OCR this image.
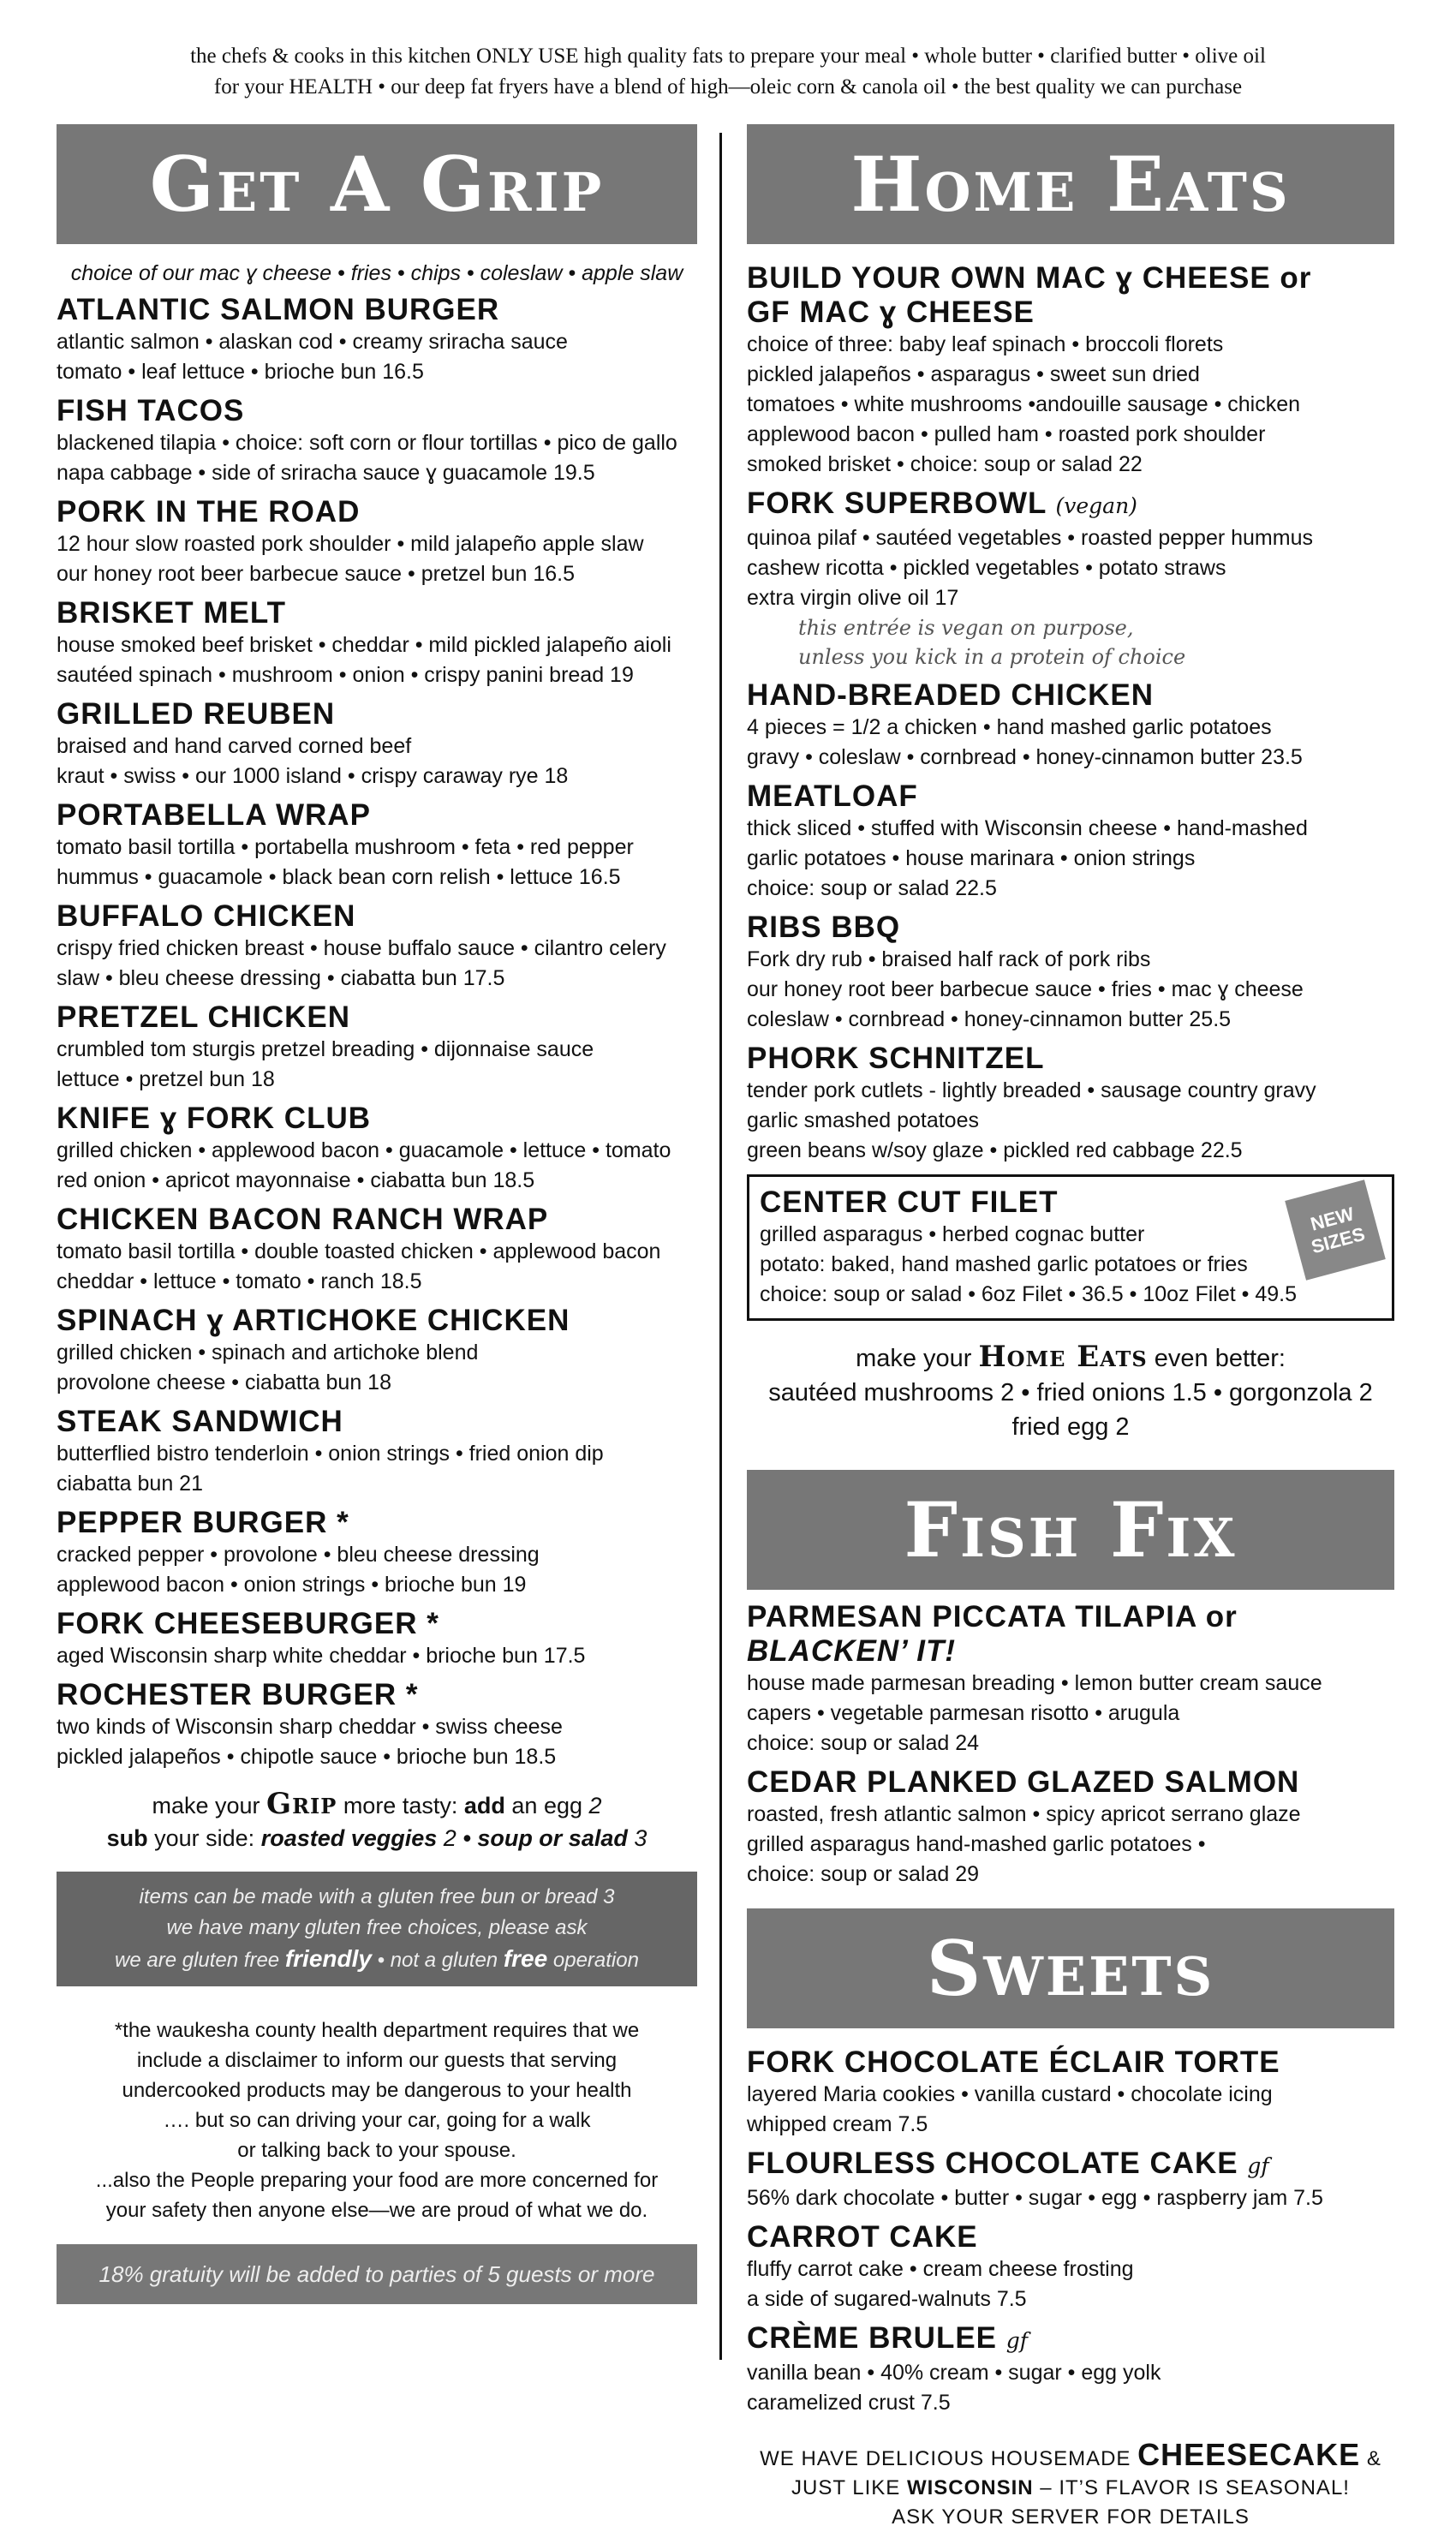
the chefs & cooks in this kitchen ONLY USE high quality fats to prepare your meal • whole butter • clarified butter • olive oil
for your HEALTH • our deep fat fryers have a blend of high—oleic corn & canola oil • the best quality we can purchase
Get A Grip
choice of our mac ɣ cheese • fries • chips • coleslaw • apple slaw
ATLANTIC SALMON BURGER
atlantic salmon • alaskan cod • creamy sriracha sauce
tomato • leaf lettuce • brioche bun 16.5
FISH TACOS
blackened tilapia • choice: soft corn or flour tortillas • pico de gallo
napa cabbage • side of sriracha sauce ɣ guacamole 19.5
PORK IN THE ROAD
12 hour slow roasted pork shoulder • mild jalapeño apple slaw
our honey root beer barbecue sauce • pretzel bun 16.5
BRISKET MELT
house smoked beef brisket • cheddar • mild pickled jalapeño aioli
sautéed spinach • mushroom • onion • crispy panini bread 19
GRILLED REUBEN
braised and hand carved corned beef
kraut • swiss • our 1000 island • crispy caraway rye 18
PORTABELLA WRAP
tomato basil tortilla • portabella mushroom • feta • red pepper
hummus • guacamole • black bean corn relish • lettuce 16.5
BUFFALO CHICKEN
crispy fried chicken breast • house buffalo sauce • cilantro celery
slaw • bleu cheese dressing • ciabatta bun 17.5
PRETZEL CHICKEN
crumbled tom sturgis pretzel breading • dijonnaise sauce
lettuce • pretzel bun 18
KNIFE ɣ FORK CLUB
grilled chicken • applewood bacon • guacamole • lettuce • tomato
red onion • apricot mayonnaise • ciabatta bun 18.5
CHICKEN BACON RANCH WRAP
tomato basil tortilla • double toasted chicken • applewood bacon
cheddar • lettuce • tomato • ranch 18.5
SPINACH ɣ ARTICHOKE CHICKEN
grilled chicken • spinach and artichoke blend
provolone cheese • ciabatta bun 18
STEAK SANDWICH
butterflied bistro tenderloin • onion strings • fried onion dip
ciabatta bun 21
PEPPER BURGER *
cracked pepper • provolone • bleu cheese dressing
applewood bacon • onion strings • brioche bun 19
FORK CHEESEBURGER *
aged Wisconsin sharp white cheddar • brioche bun 17.5
ROCHESTER BURGER *
two kinds of Wisconsin sharp cheddar • swiss cheese
pickled jalapeños • chipotle sauce • brioche bun 18.5
make your Grip more tasty: add an egg 2
sub your side: roasted veggies 2 • soup or salad 3
items can be made with a gluten free bun or bread 3
we have many gluten free choices, please ask
we are gluten free friendly • not a gluten free operation
*the waukesha county health department requires that we
include a disclaimer to inform our guests that serving
undercooked products may be dangerous to your health
…. but so can driving your car, going for a walk
or talking back to your spouse.
...also the People preparing your food are more concerned for
your safety then anyone else—we are proud of what we do.
18% gratuity will be added to parties of 5 guests or more
Home Eats
BUILD YOUR OWN MAC ɣ CHEESE or
GF MAC ɣ CHEESE
choice of three: baby leaf spinach • broccoli florets
pickled jalapeños • asparagus • sweet sun dried
tomatoes • white mushrooms •andouille sausage • chicken
applewood bacon • pulled ham • roasted pork shoulder
smoked brisket • choice: soup or salad 22
FORK SUPERBOWL (vegan)
quinoa pilaf • sautéed vegetables • roasted pepper hummus
cashew ricotta • pickled vegetables • potato straws
extra virgin olive oil 17
this entrée is vegan on purpose,
unless you kick in a protein of choice
HAND-BREADED CHICKEN
4 pieces = 1/2 a chicken • hand mashed garlic potatoes
gravy • coleslaw • cornbread • honey-cinnamon butter 23.5
MEATLOAF
thick sliced • stuffed with Wisconsin cheese • hand-mashed
garlic potatoes • house marinara • onion strings
choice: soup or salad 22.5
RIBS BBQ
Fork dry rub • braised half rack of pork ribs
our honey root beer barbecue sauce • fries • mac ɣ cheese
coleslaw • cornbread • honey-cinnamon butter 25.5
PHORK SCHNITZEL
tender pork cutlets - lightly breaded • sausage country gravy
garlic smashed potatoes
green beans w/soy glaze • pickled red cabbage 22.5
CENTER CUT FILET
grilled asparagus • herbed cognac butter
potato: baked, hand mashed garlic potatoes or fries
choice: soup or salad • 6oz Filet • 36.5 • 10oz Filet • 49.5
NEW
SIZES
make your Home Eats even better:
sautéed mushrooms 2 • fried onions 1.5 • gorgonzola 2
fried egg 2
Fish Fix
PARMESAN PICCATA TILAPIA or BLACKEN’ IT!
house made parmesan breading • lemon butter cream sauce
capers • vegetable parmesan risotto • arugula
choice: soup or salad 24
CEDAR PLANKED GLAZED SALMON
roasted, fresh atlantic salmon • spicy apricot serrano glaze
grilled asparagus hand-mashed garlic potatoes •
choice: soup or salad 29
Sweets
FORK CHOCOLATE ÉCLAIR TORTE
layered Maria cookies • vanilla custard • chocolate icing
whipped cream 7.5
FLOURLESS CHOCOLATE CAKE gf
56% dark chocolate • butter • sugar • egg • raspberry jam 7.5
CARROT CAKE
fluffy carrot cake • cream cheese frosting
a side of sugared-walnuts 7.5
CRÈME BRULEE gf
vanilla bean • 40% cream • sugar • egg yolk
caramelized crust 7.5
WE HAVE DELICIOUS HOUSEMADE CHEESECAKE &
JUST LIKE WISCONSIN – IT’S FLAVOR IS SEASONAL!
ASK YOUR SERVER FOR DETAILS
